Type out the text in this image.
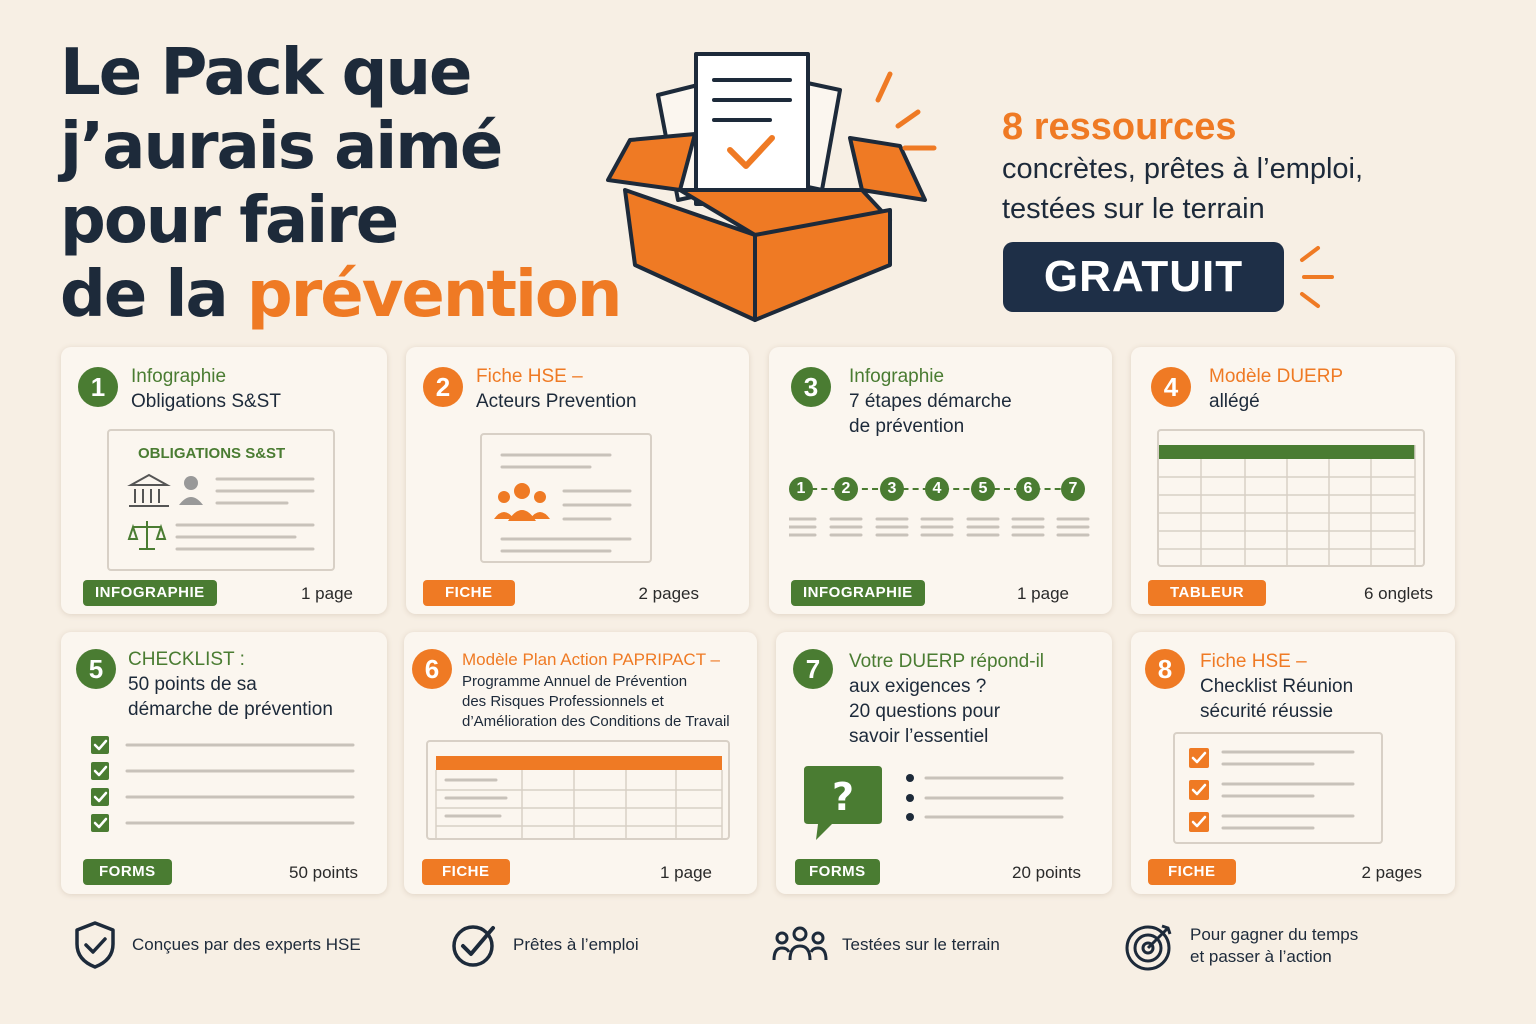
Le Pack que
j’aurais aimé
pour faire
de la prévention
8 ressources
concrètes, prêtes à l’emploi,
testées sur le terrain
GRATUIT
1	Infographie
Obligations S&ST
OBLIGATIONS S&ST
INFOGRAPHIE	1 page
2	Fiche HSE –
Acteurs Prevention
FICHE	2 pages
3	Infographie
7 étapes démarche
de prévention
1	2	3	4	5	6	7
INFOGRAPHIE	1 page
4	Modèle DUERP
allégé
TABLEUR	6 onglets
5	CHECKLIST :
50 points de sa
démarche de prévention
FORMS	50 points
6	Modèle Plan Action PAPRIPACT –
Programme Annuel de Prévention
des Risques Professionnels et
d’Amélioration des Conditions de Travail
FICHE	1 page
7	Votre DUERP répond-il
aux exigences ?
20 questions pour
savoir l’essentiel
?
FORMS	20 points
8	Fiche HSE –
Checklist Réunion
sécurité réussie
FICHE	2 pages
Conçues par des experts HSE	Prêtes à l’emploi	Testées sur le terrain
Pour gagner du temps
et passer à l’action
